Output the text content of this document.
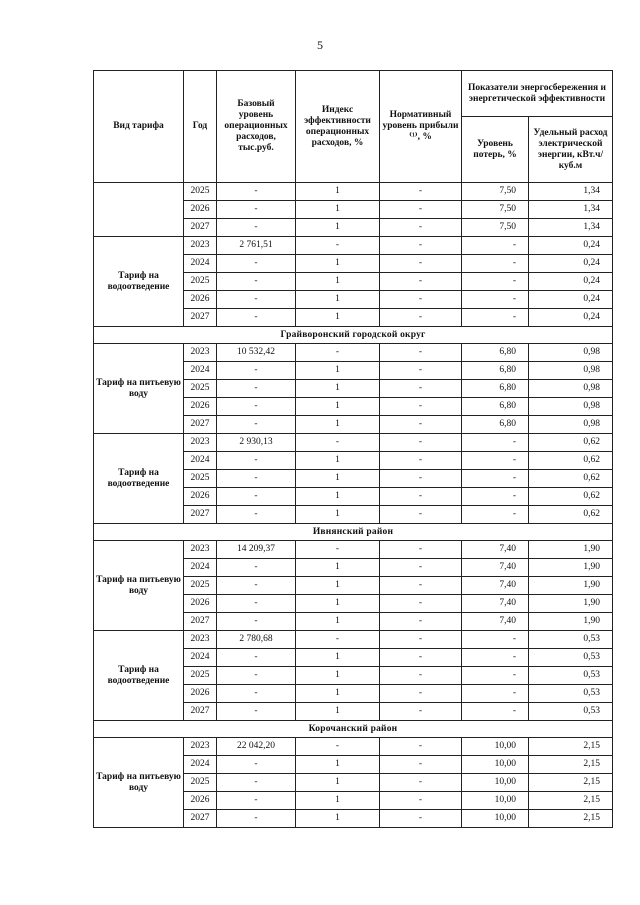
5
Вид тарифа	Год	Базовый уровень операционных расходов, тыс.руб.	Индекс эффективности операционных расходов, %	Нормативный уровень прибыли ⁽¹⁾, %	Показатели энергосбережения и энергетической эффективности	
					Уровень потерь, %	Удельный расход электрической энергии, кВт.ч/куб.м
	2025	-	1	-	7,50	1,34
	2026	-	1	-	7,50	1,34
	2027	-	1	-	7,50	1,34
Тариф на водоотведение	2023	2 761,51	-	-	-	0,24
	2024	-	1	-	-	0,24
	2025	-	1	-	-	0,24
	2026	-	1	-	-	0,24
	2027	-	1	-	-	0,24
Грайворонский городской округ						
Тариф на питьевую воду	2023	10 532,42	-	-	6,80	0,98
	2024	-	1	-	6,80	0,98
	2025	-	1	-	6,80	0,98
	2026	-	1	-	6,80	0,98
	2027	-	1	-	6,80	0,98
Тариф на водоотведение	2023	2 930,13	-	-	-	0,62
	2024	-	1	-	-	0,62
	2025	-	1	-	-	0,62
	2026	-	1	-	-	0,62
	2027	-	1	-	-	0,62
Ивнянский район						
Тариф на питьевую воду	2023	14 209,37	-	-	7,40	1,90
	2024	-	1	-	7,40	1,90
	2025	-	1	-	7,40	1,90
	2026	-	1	-	7,40	1,90
	2027	-	1	-	7,40	1,90
Тариф на водоотведение	2023	2 780,68	-	-	-	0,53
	2024	-	1	-	-	0,53
	2025	-	1	-	-	0,53
	2026	-	1	-	-	0,53
	2027	-	1	-	-	0,53
Корочанский район						
Тариф на питьевую воду	2023	22 042,20	-	-	10,00	2,15
	2024	-	1	-	10,00	2,15
	2025	-	1	-	10,00	2,15
	2026	-	1	-	10,00	2,15
	2027	-	1	-	10,00	2,15
